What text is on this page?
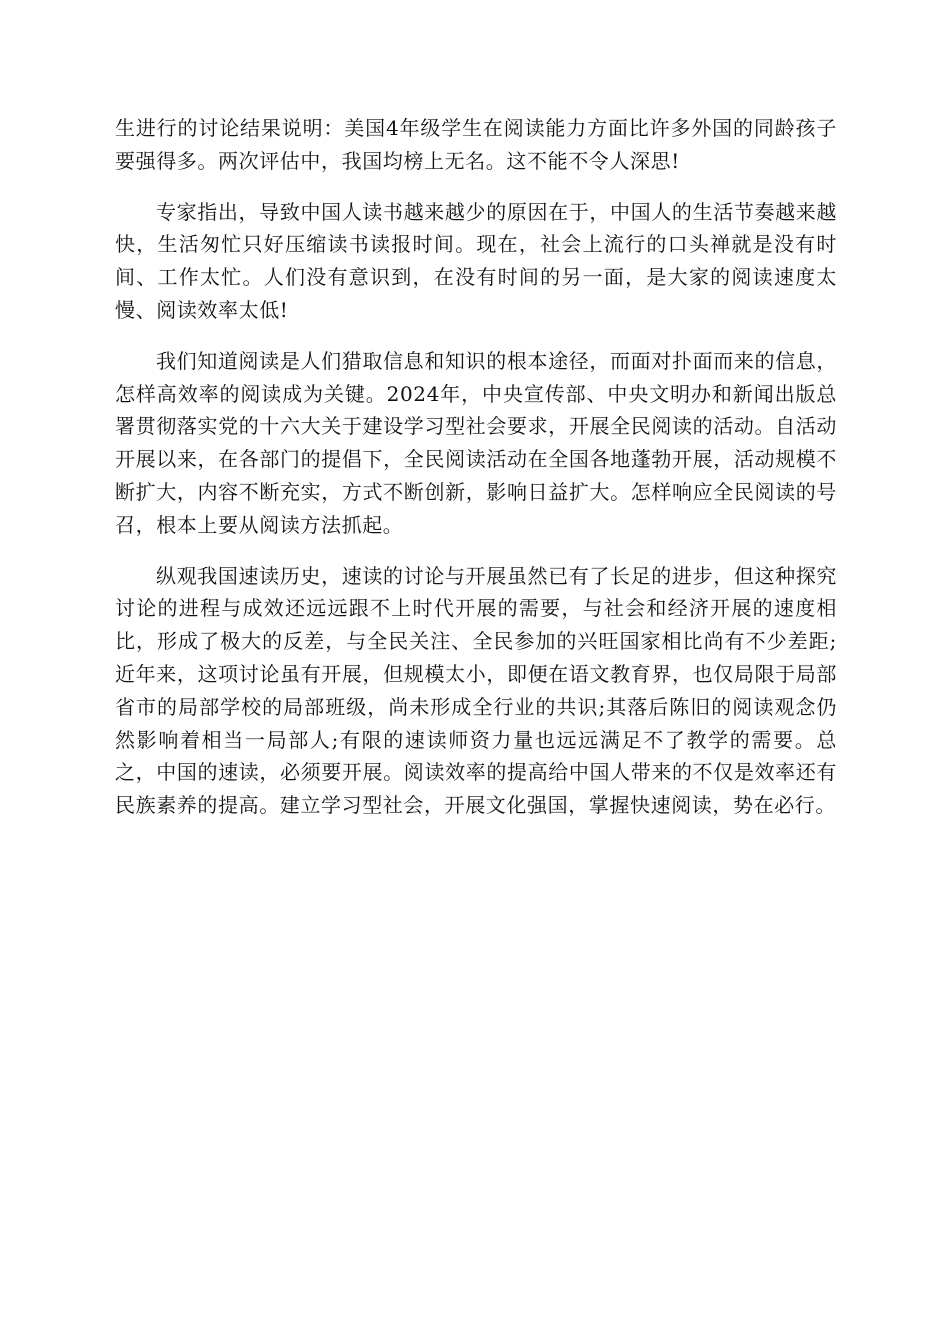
生进行的讨论结果说明：美国4年级学生在阅读能力方面比许多外国的同龄孩子要强得多。两次评估中，我国均榜上无名。这不能不令人深思!

专家指出，导致中国人读书越来越少的原因在于，中国人的生活节奏越来越快，生活匆忙只好压缩读书读报时间。现在，社会上流行的口头禅就是没有时间、工作太忙。人们没有意识到，在没有时间的另一面，是大家的阅读速度太慢、阅读效率太低!

我们知道阅读是人们猎取信息和知识的根本途径，而面对扑面而来的信息，怎样高效率的阅读成为关键。2024年，中央宣传部、中央文明办和新闻出版总署贯彻落实党的十六大关于建设学习型社会要求，开展全民阅读的活动。自活动开展以来，在各部门的提倡下，全民阅读活动在全国各地蓬勃开展，活动规模不断扩大，内容不断充实，方式不断创新，影响日益扩大。怎样响应全民阅读的号召，根本上要从阅读方法抓起。

纵观我国速读历史，速读的讨论与开展虽然已有了长足的进步，但这种探究讨论的进程与成效还远远跟不上时代开展的需要，与社会和经济开展的速度相比，形成了极大的反差，与全民关注、全民参加的兴旺国家相比尚有不少差距;近年来，这项讨论虽有开展，但规模太小，即便在语文教育界，也仅局限于局部省市的局部学校的局部班级，尚未形成全行业的共识;其落后陈旧的阅读观念仍然影响着相当一局部人;有限的速读师资力量也远远满足不了教学的需要。总之，中国的速读，必须要开展。阅读效率的提高给中国人带来的不仅是效率还有民族素养的提高。建立学习型社会，开展文化强国，掌握快速阅读，势在必行。
